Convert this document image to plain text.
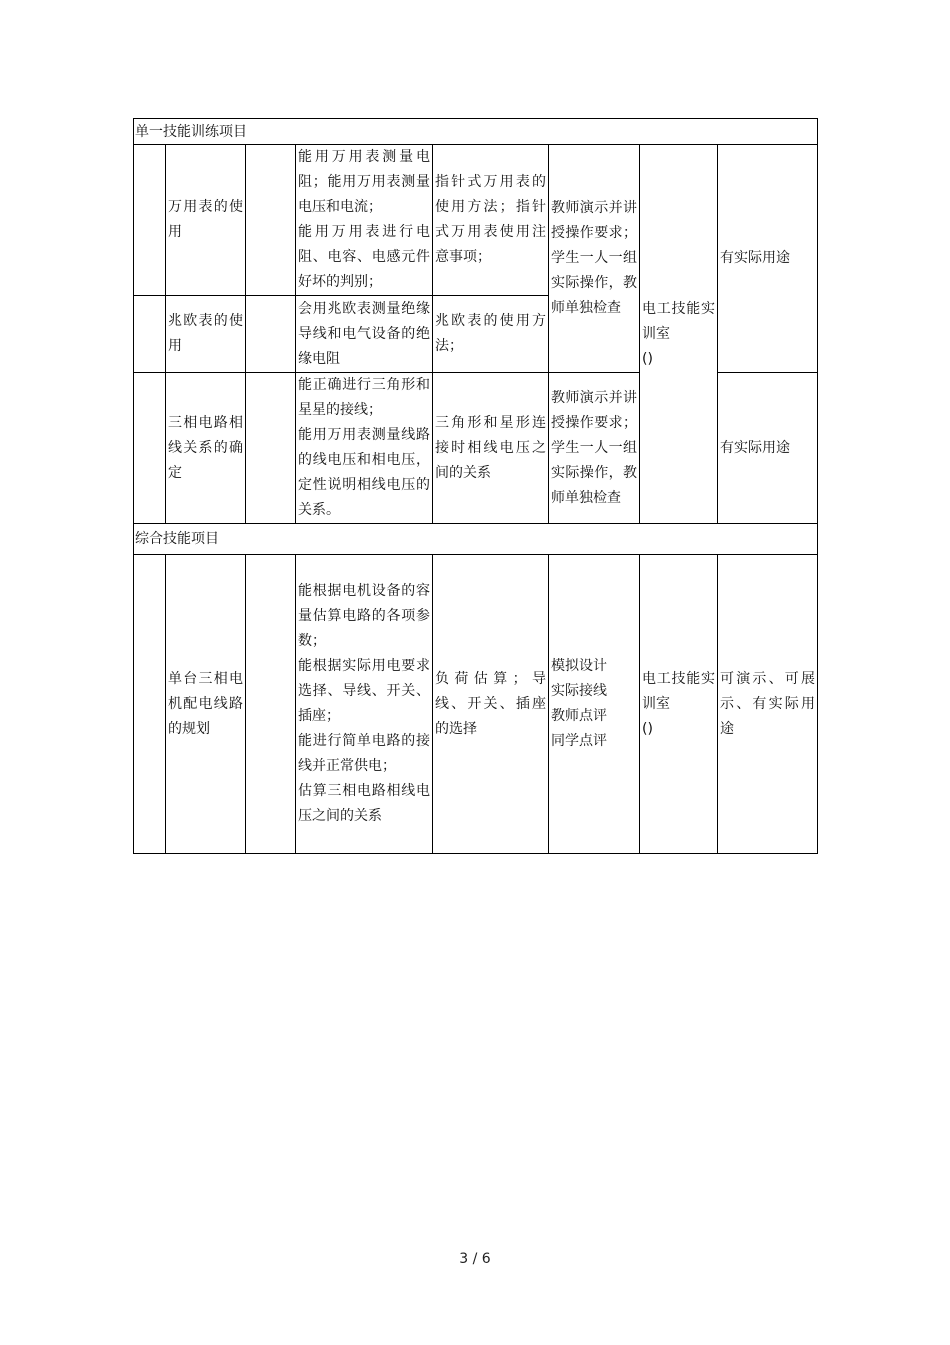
单一技能训练项目							
	万用表的使用		能用万用表测量电阻；能用万用表测量电压和电流；
能用万用表进行电阻、电容、电感元件好坏的判别；	指针式万用表的使用方法；指针式万用表使用注意事项；	教师演示并讲授操作要求；学生一人一组实际操作，教师单独检查	电工技能实训室
()	有实际用途
	兆欧表的使用		会用兆欧表测量绝缘导线和电气设备的绝缘电阻	兆欧表的使用方法；			
	三相电路相线关系的确定		能正确进行三角形和星星的接线；
能用万用表测量线路的线电压和相电压， 定性说明相线电压的关系。	三角形和星形连接时相线电压之间的关系	教师演示并讲授操作要求；学生一人一组实际操作，教师单独检查		有实际用途
综合技能项目							
	单台三相电机配电线路的规划		能根据电机设备的容量估算电路的各项参数；
能根据实际用电要求选择、导线、开关、插座；
能进行简单电路的接线并正常供电；
估算三相电路相线电压之间的关系	负荷估算；导线、开关、插座的选择	模拟设计
实际接线
教师点评
同学点评	电工技能实训室
()	可演示、可展示、有实际用途
3 / 6
